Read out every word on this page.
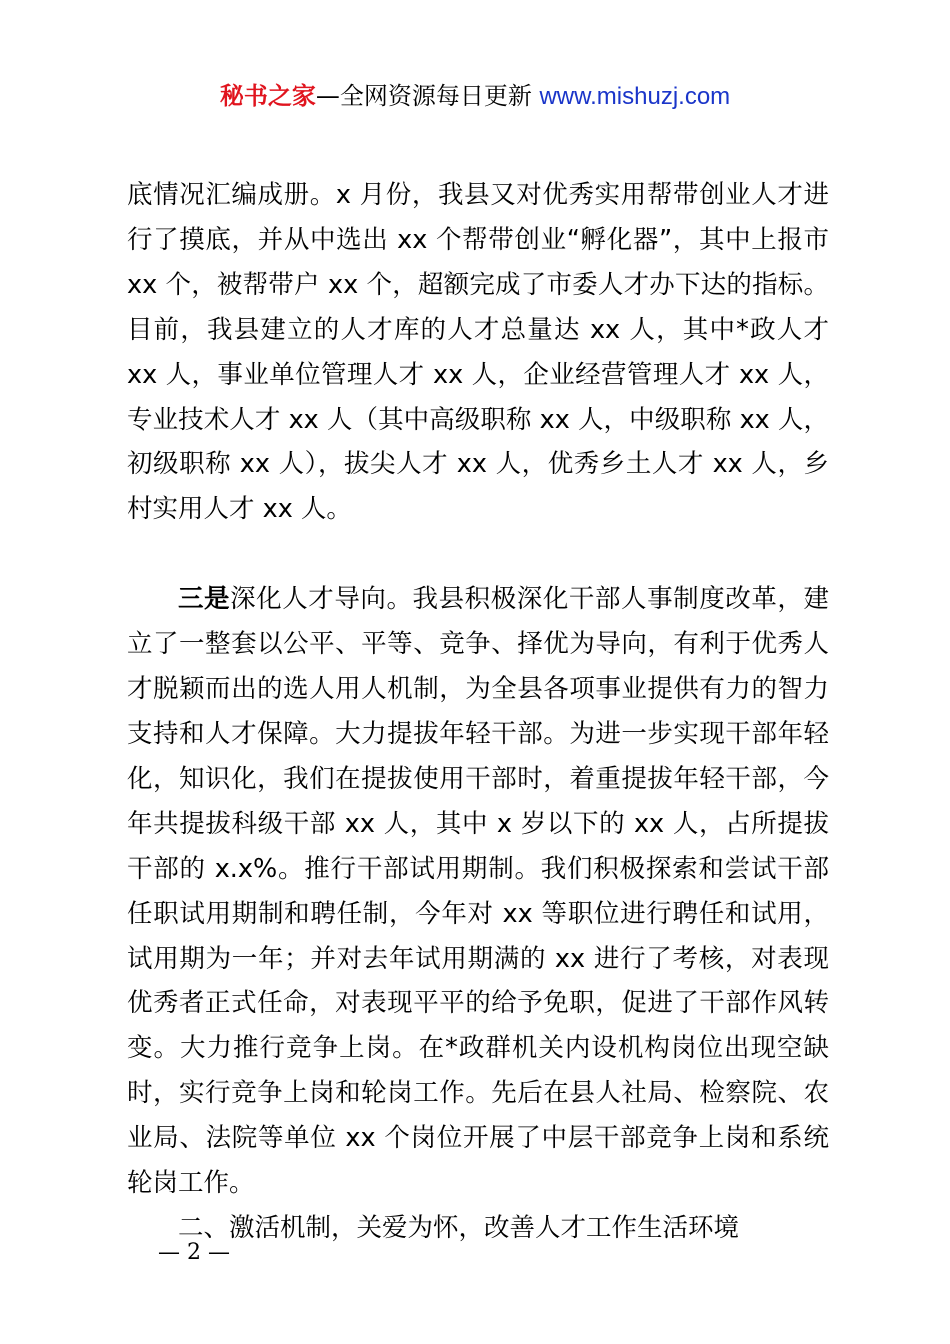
秘书之家—全网资源每日更新 www.mishuzj.com

底情况汇编成册。x 月份，我县又对优秀实用帮带创业人才进行了摸底，并从中选出 xx 个帮带创业“孵化器”，其中上报市 xx 个，被帮带户 xx 个，超额完成了市委人才办下达的指标。目前，我县建立的人才库的人才总量达 xx 人，其中*政人才 xx 人，事业单位管理人才 xx 人，企业经营管理人才 xx 人，专业技术人才 xx 人（其中高级职称 xx 人，中级职称 xx 人，初级职称 xx 人），拔尖人才 xx 人，优秀乡土人才 xx 人，乡村实用人才 xx 人。

三是深化人才导向。我县积极深化干部人事制度改革，建立了一整套以公平、平等、竞争、择优为导向，有利于优秀人才脱颖而出的选人用人机制，为全县各项事业提供有力的智力支持和人才保障。大力提拔年轻干部。为进一步实现干部年轻化，知识化，我们在提拔使用干部时，着重提拔年轻干部，今年共提拔科级干部 xx 人，其中 x 岁以下的 xx 人，占所提拔干部的 x.x%。推行干部试用期制。我们积极探索和尝试干部任职试用期制和聘任制，今年对 xx 等职位进行聘任和试用，试用期为一年；并对去年试用期满的 xx 进行了考核，对表现优秀者正式任命，对表现平平的给予免职，促进了干部作风转变。大力推行竞争上岗。在*政群机关内设机构岗位出现空缺时，实行竞争上岗和轮岗工作。先后在县人社局、检察院、农业局、法院等单位 xx 个岗位开展了中层干部竞争上岗和系统轮岗工作。

二、激活机制，关爱为怀，改善人才工作生活环境

— 2 —
